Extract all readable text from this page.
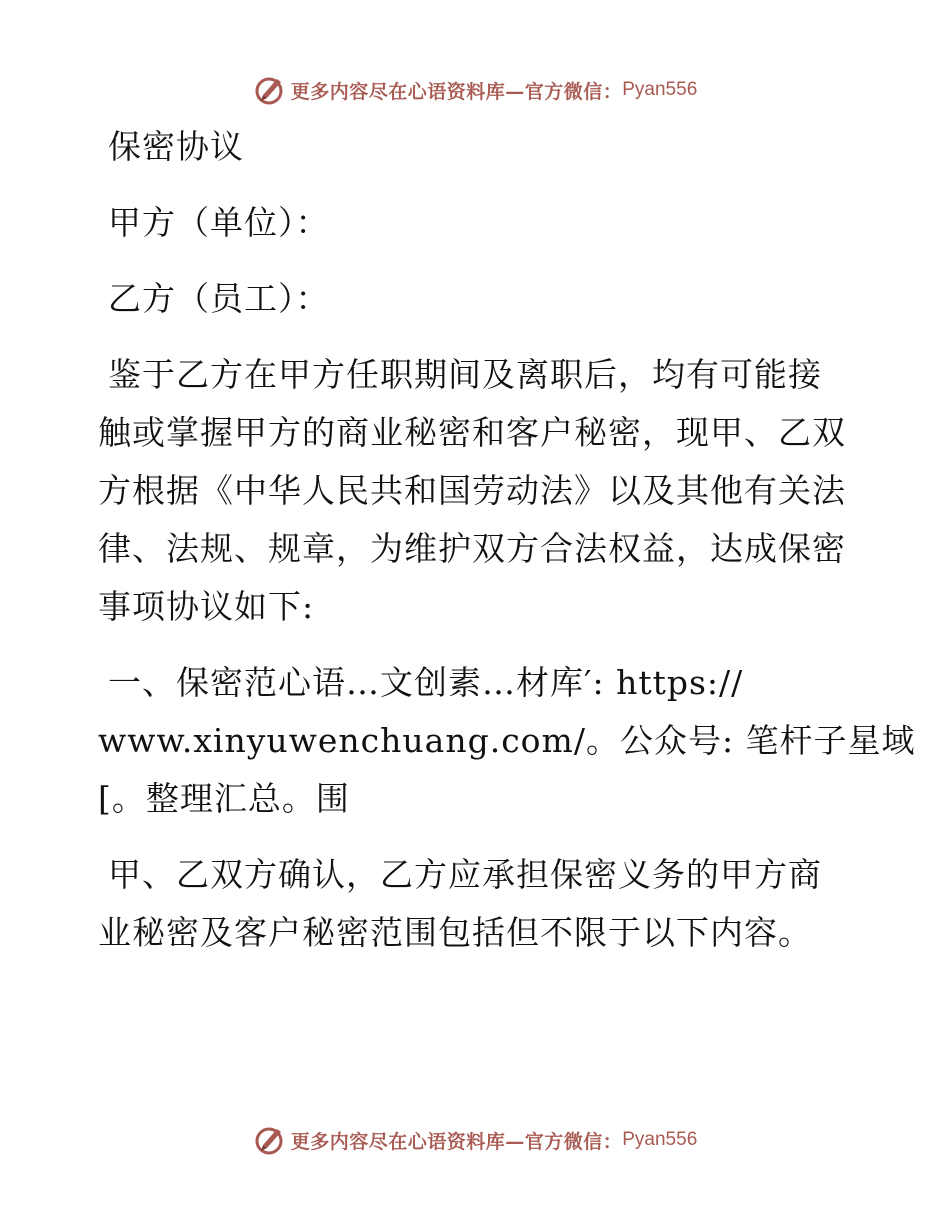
更多内容尽在心语资料库—官方微信： Pyan556
保密协议
甲方（单位）：
乙方（员工）：
鉴于乙方在甲方任职期间及离职后，均有可能接
触或掌握甲方的商业秘密和客户秘密，现甲、乙双
方根据《中华人民共和国劳动法》以及其他有关法
律、法规、规章，为维护双方合法权益，达成保密
事项协议如下:
一、保密范心语…文创素…材库′: https://
www.xinyuwenchuang.com/。公众号: 笔杆子星域
[。整理汇总。围
甲、乙双方确认，乙方应承担保密义务的甲方商
业秘密及客户秘密范围包括但不限于以下内容。
更多内容尽在心语资料库—官方微信： Pyan556
